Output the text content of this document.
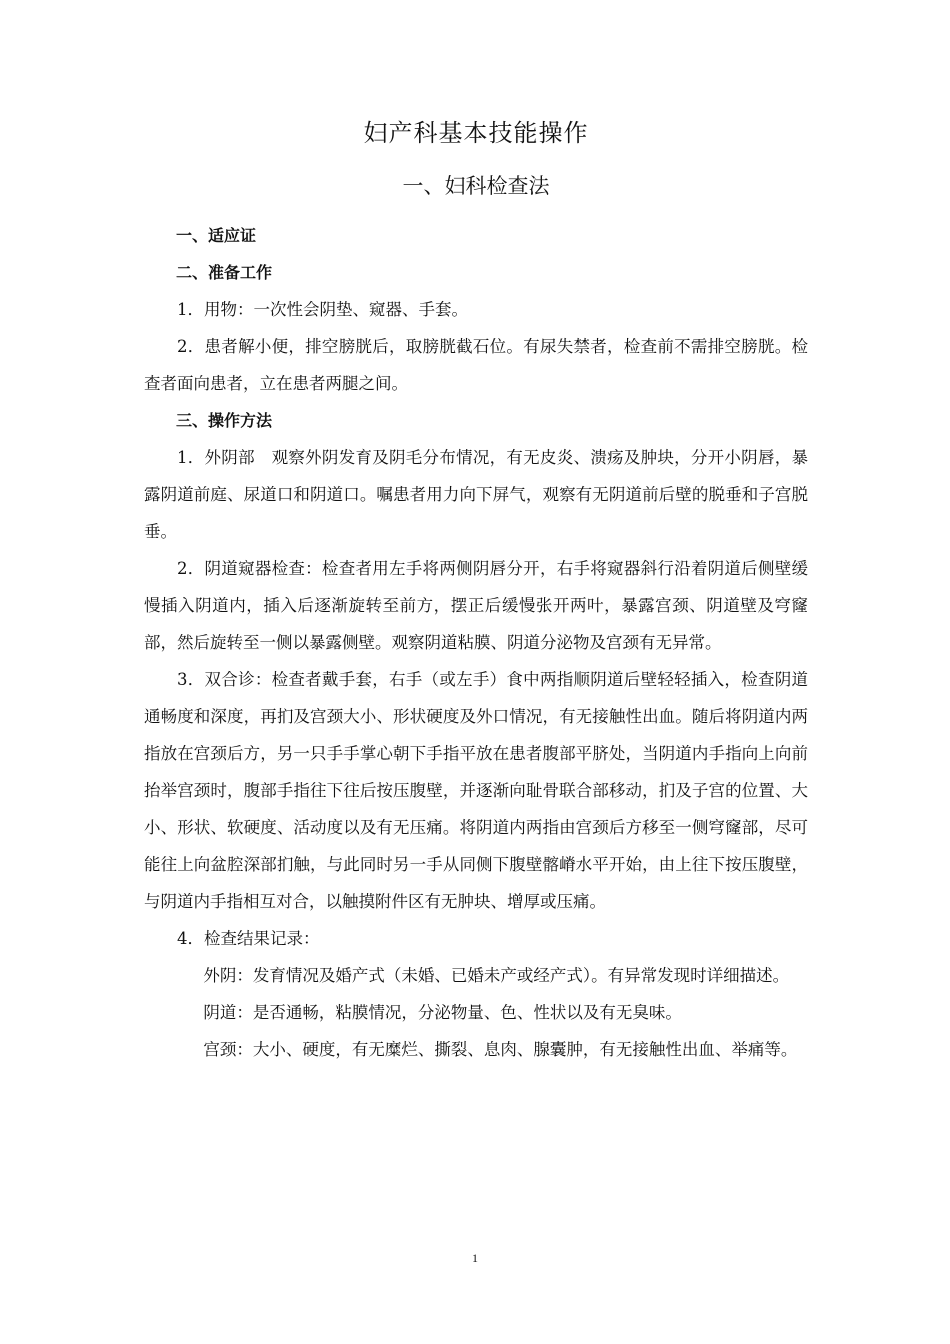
妇产科基本技能操作
一、妇科检查法

一、适应证

二、准备工作

1．用物：一次性会阴垫、窥器、手套。

2．患者解小便，排空膀胱后，取膀胱截石位。有尿失禁者，检查前不需排空膀胱。检查者面向患者，立在患者两腿之间。

三、操作方法

1．外阴部　观察外阴发育及阴毛分布情况，有无皮炎、溃疡及肿块，分开小阴唇，暴露阴道前庭、尿道口和阴道口。嘱患者用力向下屏气，观察有无阴道前后壁的脱垂和子宫脱垂。

2．阴道窥器检查：检查者用左手将两侧阴唇分开，右手将窥器斜行沿着阴道后侧壁缓慢插入阴道内，插入后逐渐旋转至前方，摆正后缓慢张开两叶，暴露宫颈、阴道壁及穹窿部，然后旋转至一侧以暴露侧壁。观察阴道粘膜、阴道分泌物及宫颈有无异常。

3．双合诊：检查者戴手套，右手（或左手）食中两指顺阴道后壁轻轻插入，检查阴道通畅度和深度，再扪及宫颈大小、形状硬度及外口情况，有无接触性出血。随后将阴道内两指放在宫颈后方，另一只手手掌心朝下手指平放在患者腹部平脐处，当阴道内手指向上向前抬举宫颈时，腹部手指往下往后按压腹壁，并逐渐向耻骨联合部移动，扪及子宫的位置、大小、形状、软硬度、活动度以及有无压痛。将阴道内两指由宫颈后方移至一侧穹窿部，尽可能往上向盆腔深部扪触，与此同时另一手从同侧下腹壁髂嵴水平开始，由上往下按压腹壁，与阴道内手指相互对合，以触摸附件区有无肿块、增厚或压痛。

4．检查结果记录：

外阴：发育情况及婚产式（未婚、已婚未产或经产式）。有异常发现时详细描述。

阴道：是否通畅，粘膜情况，分泌物量、色、性状以及有无臭味。

宫颈：大小、硬度，有无糜烂、撕裂、息肉、腺囊肿，有无接触性出血、举痛等。

1
